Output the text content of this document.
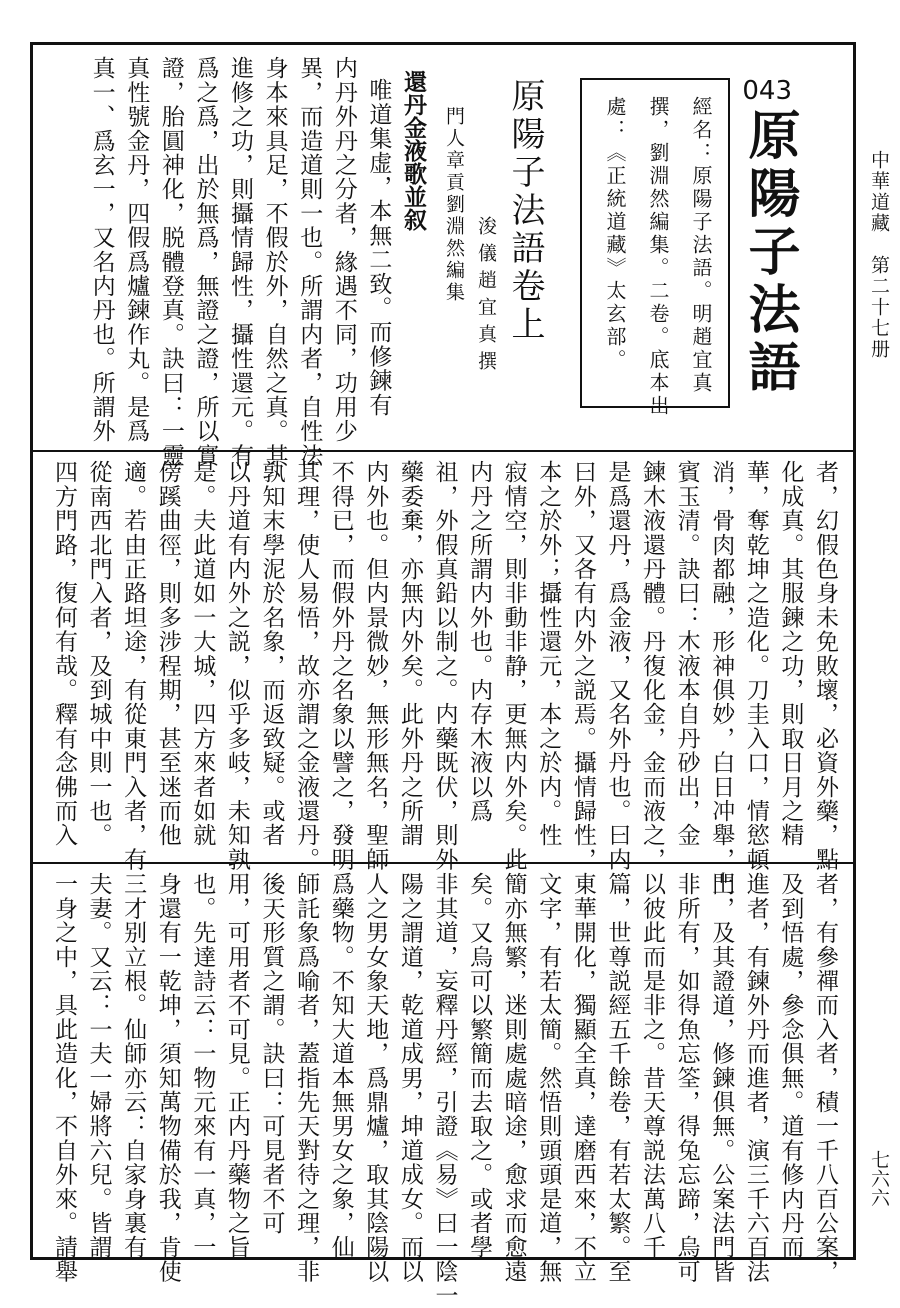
中華道藏　第二十七册
七六六
043
原陽子法語
經名：原陽子法語。明趙宜真
撰，劉淵然編集。二卷。底本出
處：《正統道藏》太玄部。
原陽子法語卷上
浚儀趙宜真撰
門人章貢劉淵然編集
還丹金液歌並叙
唯道集虚，本無二致。而修鍊有
内丹外丹之分者，緣遇不同，功用少
異，而造道則一也。所謂内者，自性法
身本來具足，不假於外，自然之真。其
進修之功，則攝情歸性，攝性還元。有
爲之爲，出於無爲，無證之證，所以實
證，胎圓神化，脱體登真。訣曰：一靈
真性號金丹，四假爲爐鍊作丸。是爲
真一、爲玄一，又名内丹也。所謂外
者，幻假色身未免敗壞，必資外藥，點
化成真。其服鍊之功，則取日月之精
華，奪乾坤之造化。刀圭入口，情慾頓
消，骨肉都融，形神俱妙，白日冲舉，上
賓玉清。訣曰：木液本自丹砂出，金
鍊木液還丹體。丹復化金，金而液之，
是爲還丹，爲金液，又名外丹也。曰内
曰外，又各有内外之説焉。攝情歸性，
本之於外；攝性還元，本之於内。性
寂情空，則非動非静，更無内外矣。此
内丹之所謂内外也。内存木液以爲
祖，外假真鉛以制之。内藥既伏，則外
藥委棄，亦無内外矣。此外丹之所謂
内外也。但内景微妙，無形無名，聖師
不得已，而假外丹之名象以譬之，發明
其理，使人易悟，故亦謂之金液還丹。
孰知末學泥於名象，而返致疑。或者
以丹道有内外之説，似乎多岐，未知孰
是。夫此道如一大城，四方來者如就
傍蹊曲徑，則多涉程期，甚至迷而他
適。若由正路坦途，有從東門入者，有
從南西北門入者，及到城中則一也。
四方門路，復何有哉。釋有念佛而入
者，有參禪而入者，積一千八百公案，
及到悟處，參念俱無。道有修内丹而
進者，有鍊外丹而進者，演三千六百法
門，及其證道，修鍊俱無。公案法門皆
非所有，如得魚忘筌，得兔忘蹄，烏可
以彼此而是非之。昔天尊説法萬八千
篇，世尊説經五千餘卷，有若太繁。至
東華開化，獨顯全真，達磨西來，不立
文字，有若太簡。然悟則頭頭是道，無
簡亦無繁，迷則處處暗途，愈求而愈遠
矣。又烏可以繁簡而去取之。或者學
非其道，妄釋丹經，引證《易》曰一陰一
陽之謂道，乾道成男，坤道成女。而以
人之男女象天地，爲鼎爐，取其陰陽以
爲藥物。不知大道本無男女之象，仙
師託象爲喻者，蓋指先天對待之理，非
後天形質之謂。訣曰：可見者不可
用，可用者不可見。正内丹藥物之旨
也。先達詩云：一物元來有一真，一
身還有一乾坤，須知萬物備於我，肯使
三才别立根。仙師亦云：自家身裏有
夫妻。又云：一夫一婦將六兒。皆謂
一身之中，具此造化，不自外來。請舉
